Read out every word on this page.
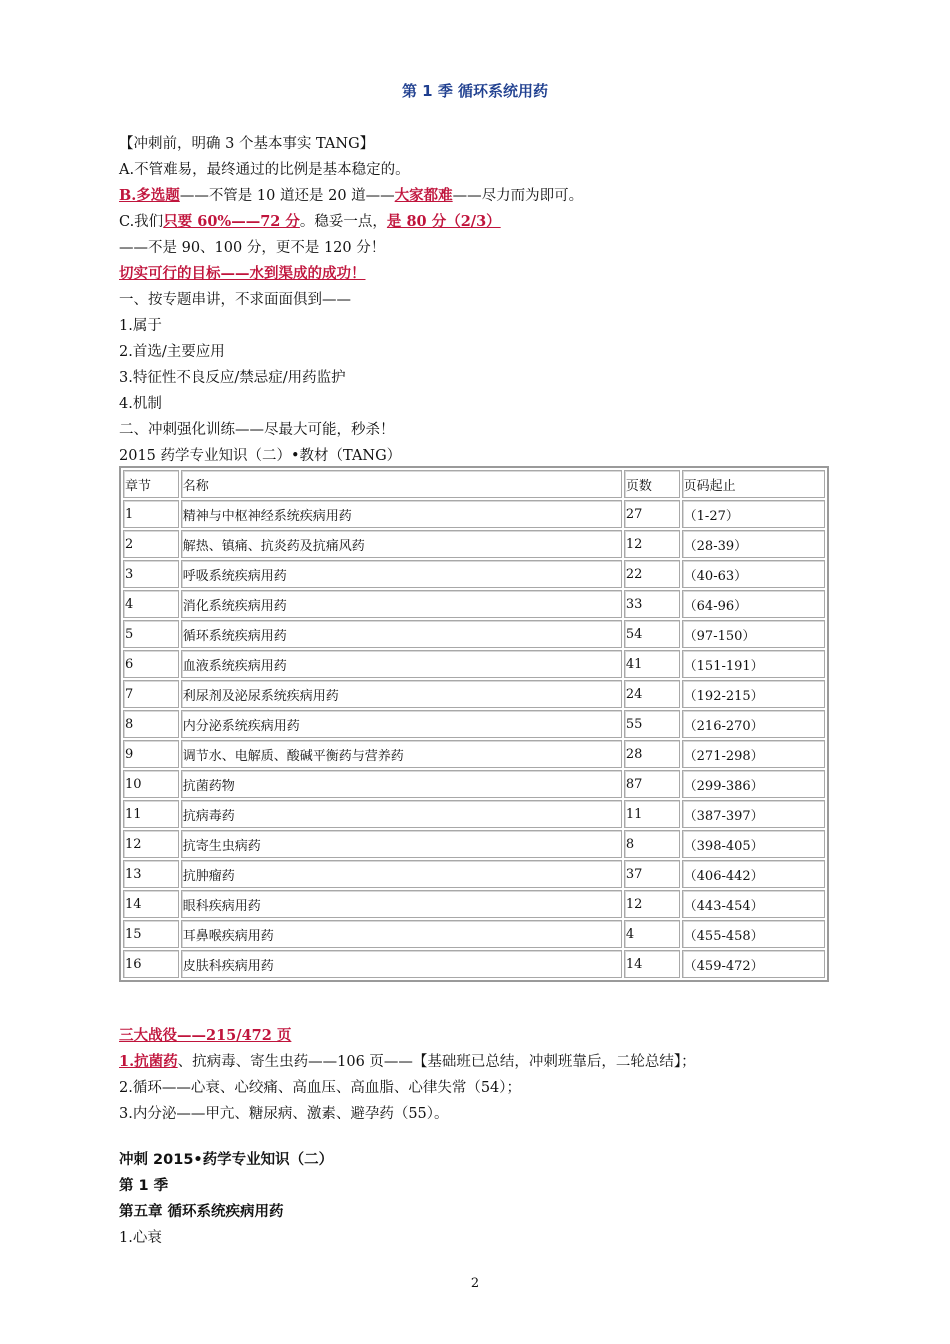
第 1 季 循环系统用药
【冲刺前，明确 3 个基本事实 TANG】
A.不管难易，最终通过的比例是基本稳定的。
B.多选题——不管是 10 道还是 20 道——大家都难——尽力而为即可。
C.我们只要 60%——72 分。稳妥一点，是 80 分（2/3）
——不是 90、100 分，更不是 120 分！
切实可行的目标——水到渠成的成功！
一、按专题串讲，不求面面俱到——
1.属于
2.首选/主要应用
3.特征性不良反应/禁忌症/用药监护
4.机制
二、冲刺强化训练——尽最大可能，秒杀！
2015 药学专业知识（二）•教材（TANG）
章节	名称	页数	页码起止
1	精神与中枢神经系统疾病用药	27	（1-27）
2	解热、镇痛、抗炎药及抗痛风药	12	（28-39）
3	呼吸系统疾病用药	22	（40-63）
4	消化系统疾病用药	33	（64-96）
5	循环系统疾病用药	54	（97-150）
6	血液系统疾病用药	41	（151-191）
7	利尿剂及泌尿系统疾病用药	24	（192-215）
8	内分泌系统疾病用药	55	（216-270）
9	调节水、电解质、酸碱平衡药与营养药	28	（271-298）
10	抗菌药物	87	（299-386）
11	抗病毒药	11	（387-397）
12	抗寄生虫病药	8	（398-405）
13	抗肿瘤药	37	（406-442）
14	眼科疾病用药	12	（443-454）
15	耳鼻喉疾病用药	4	（455-458）
16	皮肤科疾病用药	14	（459-472）
三大战役——215/472 页
1.抗菌药、抗病毒、寄生虫药——106 页——【基础班已总结，冲刺班靠后，二轮总结】；
2.循环——心衰、心绞痛、高血压、高血脂、心律失常（54）；
3.内分泌——甲亢、糖尿病、激素、避孕药（55）。
冲刺 2015•药学专业知识（二）
第 1 季
第五章 循环系统疾病用药
1.心衰
2
